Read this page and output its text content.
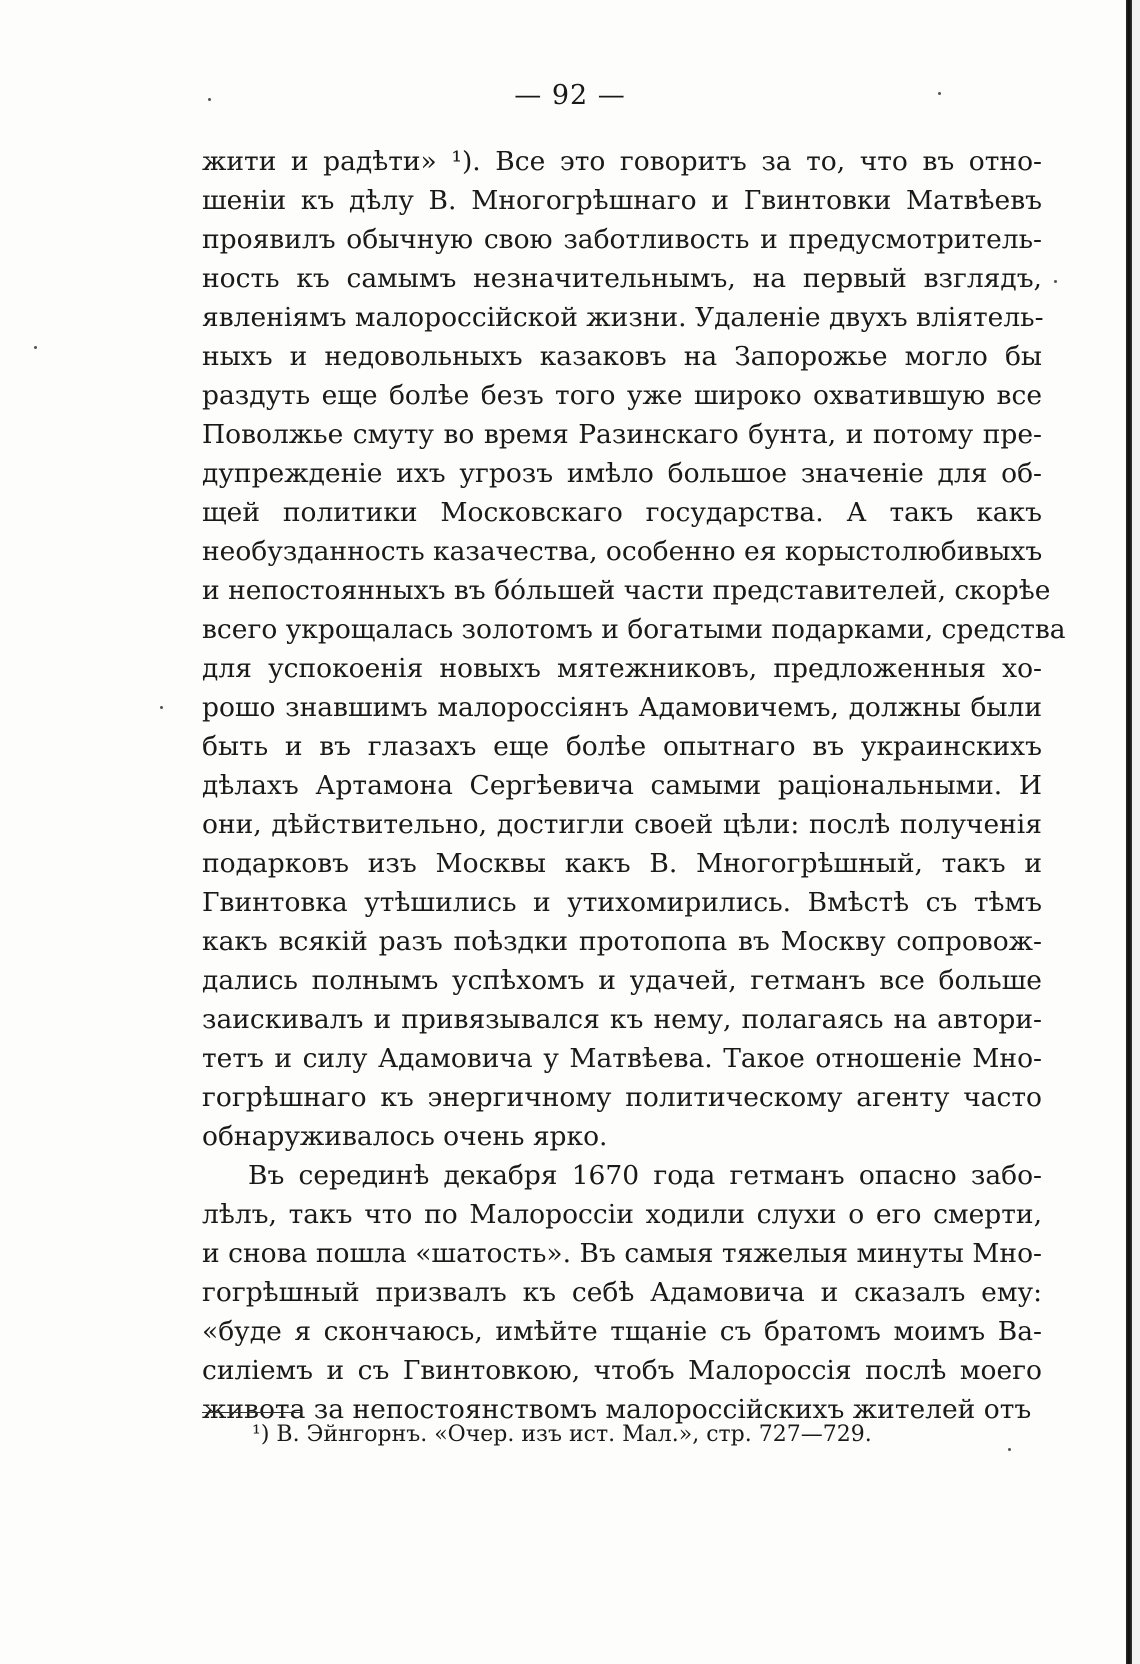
— 92 —
жити и радѣти» ¹). Все это говоритъ за то, что въ отно-
шеніи къ дѣлу В. Многогрѣшнаго и Гвинтовки Матвѣевъ
проявилъ обычную свою заботливость и предусмотритель-
ность къ самымъ незначительнымъ, на первый взглядъ,
явленіямъ малороссійской жизни. Удаленіе двухъ вліятель-
ныхъ и недовольныхъ казаковъ на Запорожье могло бы
раздуть еще болѣе безъ того уже широко охватившую все
Поволжье смуту во время Разинскаго бунта, и потому пре-
дупрежденіе ихъ угрозъ имѣло большое значеніе для об-
щей политики Московскаго государства. А такъ какъ
необузданность казачества, особенно ея корыстолюбивыхъ
и непостоянныхъ въ бо́льшей части представителей, скорѣе
всего укрощалась золотомъ и богатыми подарками, средства
для успокоенія новыхъ мятежниковъ, предложенныя хо-
рошо знавшимъ малороссіянъ Адамовичемъ, должны были
быть и въ глазахъ еще болѣе опытнаго въ украинскихъ
дѣлахъ Артамона Сергѣевича самыми раціональными. И
они, дѣйствительно, достигли своей цѣли: послѣ полученія
подарковъ изъ Москвы какъ В. Многогрѣшный, такъ и
Гвинтовка утѣшились и утихомирились. Вмѣстѣ съ тѣмъ
какъ всякій разъ поѣздки протопопа въ Москву сопровож-
дались полнымъ успѣхомъ и удачей, гетманъ все больше
заискивалъ и привязывался къ нему, полагаясь на автори-
тетъ и силу Адамовича у Матвѣева. Такое отношеніе Мно-
гогрѣшнаго къ энергичному политическому агенту часто
обнаруживалось очень ярко.
Въ серединѣ декабря 1670 года гетманъ опасно забо-
лѣлъ, такъ что по Малороссіи ходили слухи о его смерти,
и снова пошла «шатость». Въ самыя тяжелыя минуты Мно-
гогрѣшный призвалъ къ себѣ Адамовича и сказалъ ему:
«буде я скончаюсь, имѣйте тщаніе съ братомъ моимъ Ва-
силіемъ и съ Гвинтовкою, чтобъ Малороссія послѣ моего
живота за непостоянствомъ малороссійскихъ жителей отъ
¹) В. Эйнгорнъ. «Очер. изъ ист. Мал.», стр. 727—729.
